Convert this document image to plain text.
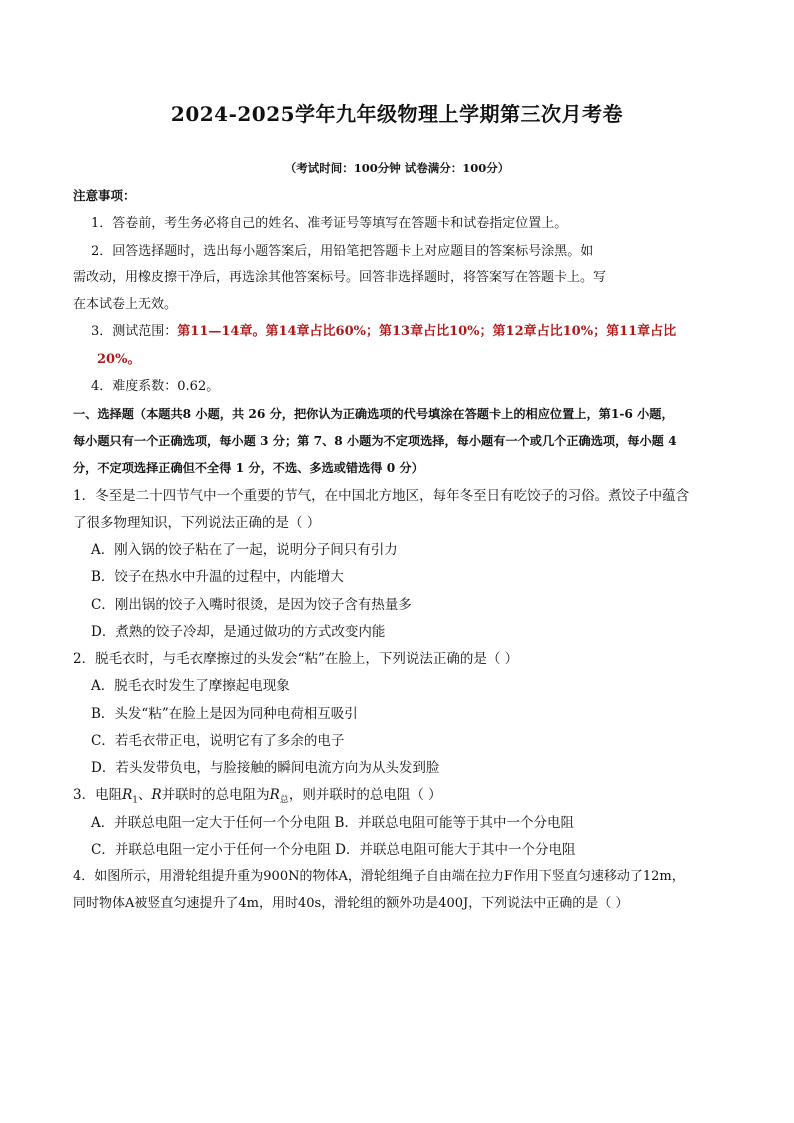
2024-2025学年九年级物理上学期第三次月考卷
（考试时间：100分钟 试卷满分：100分）
注意事项：
1．答卷前，考生务必将自己的姓名、准考证号等填写在答题卡和试卷指定位置上。
2．回答选择题时，选出每小题答案后，用铅笔把答题卡上对应题目的答案标号涂黑。如
需改动，用橡皮擦干净后，再选涂其他答案标号。回答非选择题时，将答案写在答题卡上。写
在本试卷上无效。
3．测试范围：第11—14章。第14章占比60%；第13章占比10%；第12章占比10%；第11章占比
20%。
4．难度系数：0.62。
一、选择题（本题共8 小题，共 26 分，把你认为正确选项的代号填涂在答题卡上的相应位置上，第1-6 小题，
每小题只有一个正确选项，每小题 3 分；第 7、8 小题为不定项选择，每小题有一个或几个正确选项，每小题 4
分，不定项选择正确但不全得 1 分，不选、多选或错选得 0 分）
1．冬至是二十四节气中一个重要的节气，在中国北方地区，每年冬至日有吃饺子的习俗。煮饺子中蕴含
了很多物理知识，下列说法正确的是（ ）
A．刚入锅的饺子粘在了一起，说明分子间只有引力
B．饺子在热水中升温的过程中，内能增大
C．刚出锅的饺子入嘴时很烫，是因为饺子含有热量多
D．煮熟的饺子冷却，是通过做功的方式改变内能
2．脱毛衣时，与毛衣摩擦过的头发会“粘”在脸上，下列说法正确的是（ ）
A．脱毛衣时发生了摩擦起电现象
B．头发“粘”在脸上是因为同种电荷相互吸引
C．若毛衣带正电，说明它有了多余的电子
D．若头发带负电，与脸接触的瞬间电流方向为从头发到脸
3．电阻$R_1$、R并联时的总电阻为$R_总$，则并联时的总电阻（ ）
A．并联总电阻一定大于任何一个分电阻 B．并联总电阻可能等于其中一个分电阻
C．并联总电阻一定小于任何一个分电阻 D．并联总电阻可能大于其中一个分电阻
4．如图所示，用滑轮组提升重为900N的物体A，滑轮组绳子自由端在拉力F作用下竖直匀速移动了12m，
同时物体A被竖直匀速提升了4m，用时40s，滑轮组的额外功是400J，下列说法中正确的是（ ）
